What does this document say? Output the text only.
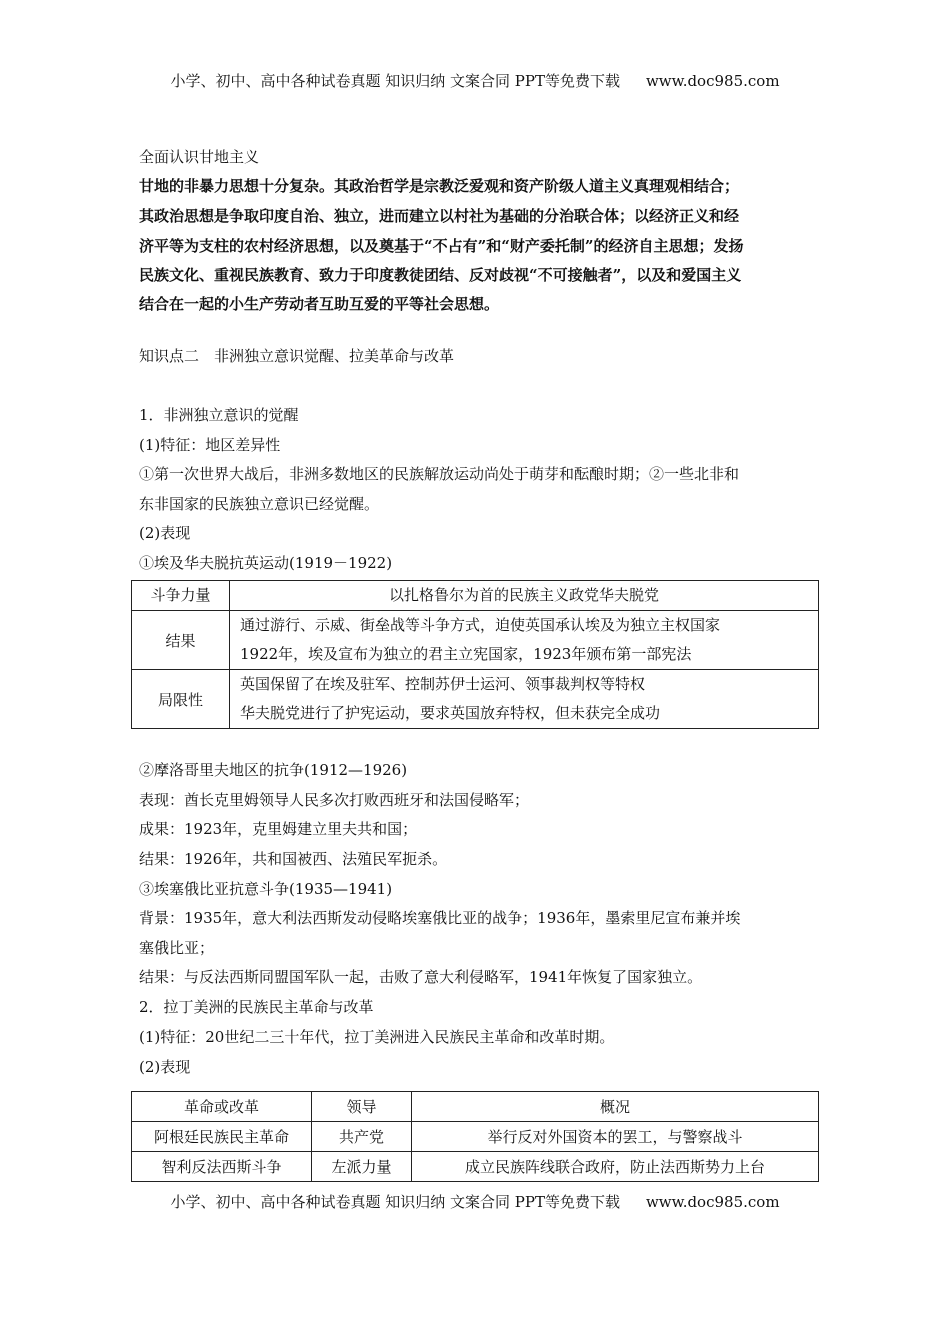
小学、初中、高中各种试卷真题 知识归纳 文案合同 PPT等免费下载 www.doc985.com
全面认识甘地主义
甘地的非暴力思想十分复杂。其政治哲学是宗教泛爱观和资产阶级人道主义真理观相结合；
其政治思想是争取印度自治、独立，进而建立以村社为基础的分治联合体；以经济正义和经
济平等为支柱的农村经济思想，以及奠基于“不占有”和“财产委托制”的经济自主思想；发扬
民族文化、重视民族教育、致力于印度教徒团结、反对歧视“不可接触者”，以及和爱国主义
结合在一起的小生产劳动者互助互爱的平等社会思想。
知识点二　非洲独立意识觉醒、拉美革命与改革
1．非洲独立意识的觉醒
(1)特征：地区差异性
①第一次世界大战后，非洲多数地区的民族解放运动尚处于萌芽和酝酿时期；②一些北非和
东非国家的民族独立意识已经觉醒。
(2)表现
①埃及华夫脱抗英运动(1919－1922)
斗争力量	以扎格鲁尔为首的民族主义政党华夫脱党
结果	通过游行、示威、街垒战等斗争方式，迫使英国承认埃及为独立主权国家
1922年，埃及宣布为独立的君主立宪国家，1923年颁布第一部宪法

局限性	英国保留了在埃及驻军、控制苏伊士运河、领事裁判权等特权
华夫脱党进行了护宪运动，要求英国放弃特权，但未获完全成功
②摩洛哥里夫地区的抗争(1912—1926)
表现：酋长克里姆领导人民多次打败西班牙和法国侵略军；
成果：1923年，克里姆建立里夫共和国；
结果：1926年，共和国被西、法殖民军扼杀。
③埃塞俄比亚抗意斗争(1935—1941)
背景：1935年，意大利法西斯发动侵略埃塞俄比亚的战争；1936年，墨索里尼宣布兼并埃
塞俄比亚；
结果：与反法西斯同盟国军队一起，击败了意大利侵略军，1941年恢复了国家独立。
2．拉丁美洲的民族民主革命与改革
(1)特征：20世纪二三十年代，拉丁美洲进入民族民主革命和改革时期。
(2)表现
革命或改革	领导	概况
阿根廷民族民主革命	共产党	举行反对外国资本的罢工，与警察战斗
智利反法西斯斗争	左派力量	成立民族阵线联合政府，防止法西斯势力上台
小学、初中、高中各种试卷真题 知识归纳 文案合同 PPT等免费下载 www.doc985.com
